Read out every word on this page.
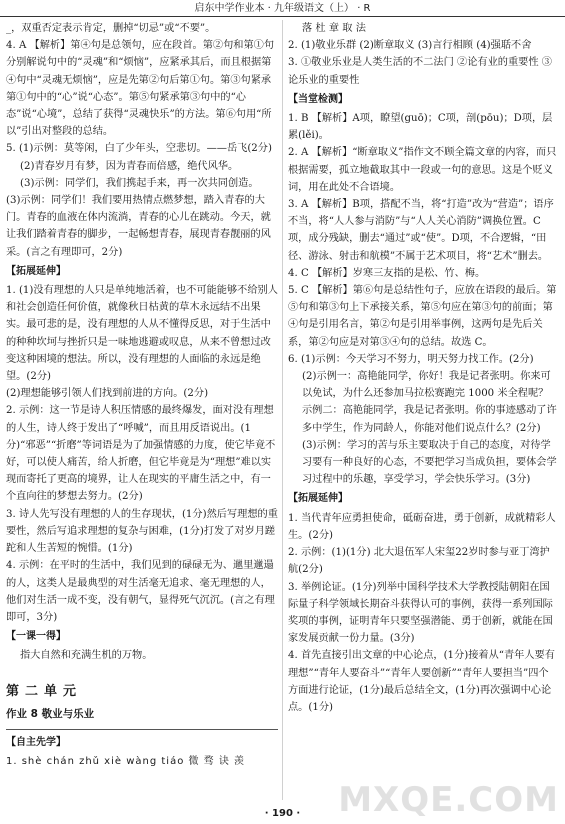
启东中学作业本 · 九年级语文（上） · R
_，双重否定表示肯定，删掉“切忌”或“不要”。
4. A 【解析】第④句是总领句，应在段首。第②句和第①句分别解说句中的“灵魂”和“烦恼”，应紧承其后，而且根据第④句中“灵魂无烦恼”，应是先第②句后第①句。第③句紧承第①句中的“心”说“心态”。第⑤句紧承第③句中的“心态”说“心境”，总结了获得“灵魂快乐”的方法。第⑥句用“所以”引出对整段的总结。
5. (1)示例：莫等闲，白了少年头，空悲切。——岳飞(2分)
(2)青春岁月有梦，因为青春而倍感，绝代风华。
(3)示例：同学们，我们携起手来，再一次共同创造。
(3)示例：同学们！我们要用热情点燃梦想，踏入青春的大门。青春的血液在体内流淌，青春的心儿在跳动。今天，就让我们踏着青春的脚步，一起畅想青春，展现青春靓丽的风采。(言之有理即可，2分)
【拓展延伸】
1. (1)没有理想的人只是单纯地活着，也不可能能够不给别人和社会创造任何价值，就像秋日枯黄的草木永远结不出果实。最可悲的是，没有理想的人从不懂得反思，对于生活中的种种坎坷与挫折只是一味地逃避或叹息，从来不曾想过改变这种困境的想法。所以，没有理想的人面临的永远是绝望。(2分)
(2)理想能够引领人们找到前进的方向。(2分)
2. 示例：这一节是诗人积压情感的最终爆发，面对没有理想的人生，诗人终于发出了“呼喊”，而且用反语说出。(1分)“邪恶”“折磨”等词语是为了加强情感的力度，使它毕竟不好，可以使人痛苦，给人折磨，但它毕竟是为“理想”难以实现而寄托了更高的境界，让人在现实的平庸生活之中，有一个直向往的梦想去努力。(2分)
3. 诗人先写没有理想的人的生存现状，(1分)然后写理想的重要性，然后写追求理想的复杂与困难，(1分)打发了对岁月蹉跎和人生苦短的惋惜。(1分)
4. 示例：在平时的生活中，我们见到的碌碌无为、邋里邋遢的人，这类人是最典型的对生活毫无追求、毫无理想的人，他们对生活一成不变，没有朝气，显得死气沉沉。(言之有理即可，3分)
【一课一得】
指大自然和充满生机的万物。
第二单元
作业 8 敬业与乐业
【自主先学】
1. shè chán zhǔ xiè wàng tiáo 微 骛 诀 羡
落 杜 章 取 法
2. (1)敬业乐群 (2)断章取义 (3)言行相顾 (4)强聒不舍
3. ①敬业乐业是人类生活的不二法门 ②论有业的重要性 ③论乐业的重要性
【当堂检测】
1. B 【解析】A项，瞭望(guō)；C项，剖(pōu)；D项，层累(lěi)。
2. A 【解析】“断章取义”指作文不顾全篇文章的内容，而只根据需要，孤立地截取其中一段或一句的意思。这是个贬义词，用在此处不合语境。
3. A 【解析】B项，搭配不当，将“打造”改为“营造”；语序不当，将“人人参与消防”与“人人关心消防”调换位置。C项，成分残缺，删去“通过”或“使”。D项，不合逻辑，“田径、游泳、射击和航模”不属于艺术项目，将“艺术”删去。
4. C 【解析】岁寒三友指的是松、竹、梅。
5. C 【解析】第⑥句是总结性句子，应放在语段的最后。第⑤句和第③句上下承接关系，第⑤句应在第③句的前面；第④句是引用名言，第②句是引用举事例，这两句是先后关系，第②句应是对第③④句的总结。故选 C。
6. (1)示例：今天学习不努力，明天努力找工作。(2分)
(2)示例一：高艳能同学，你好！我是记者张明。你来可以免试，为什么还参加马拉松赛跑完 1000 米全程呢？
示例二：高艳能同学，我是记者张明。你的事迹感动了许多中学生，作为同龄人，你能对他们说点什么？(2分)
(3)示例：学习的苦与乐主要取决于自己的态度，对待学习要有一种良好的心态，不要把学习当成负担，要体会学习过程中的乐趣，享受学习，学会快乐学习。(3分)
【拓展延伸】
1. 当代青年应勇担使命，砥砺奋进，勇于创新，成就精彩人生。(2分)
2. 示例：(1)(1分) 北大退伍军人宋玺22岁时参与亚丁湾护航(2分)
3. 举例论证。(1分)列举中国科学技术大学教授陆朝阳在国际量子科学领域长期奋斗获得认可的事例，获得一系列国际奖项的事例，证明青年只要坚强潜能、勇于创新，就能在国家发展贡献一份力量。(3分)
4. 首先直接引出文章的中心论点，(1分)接着从“青年人要有理想”“青年人要奋斗”“青年人要创新”“青年人要担当”四个方面进行论证，(1分)最后总结全文，(1分)再次强调中心论点。(1分)
· 190 ·	MXQE.COM
